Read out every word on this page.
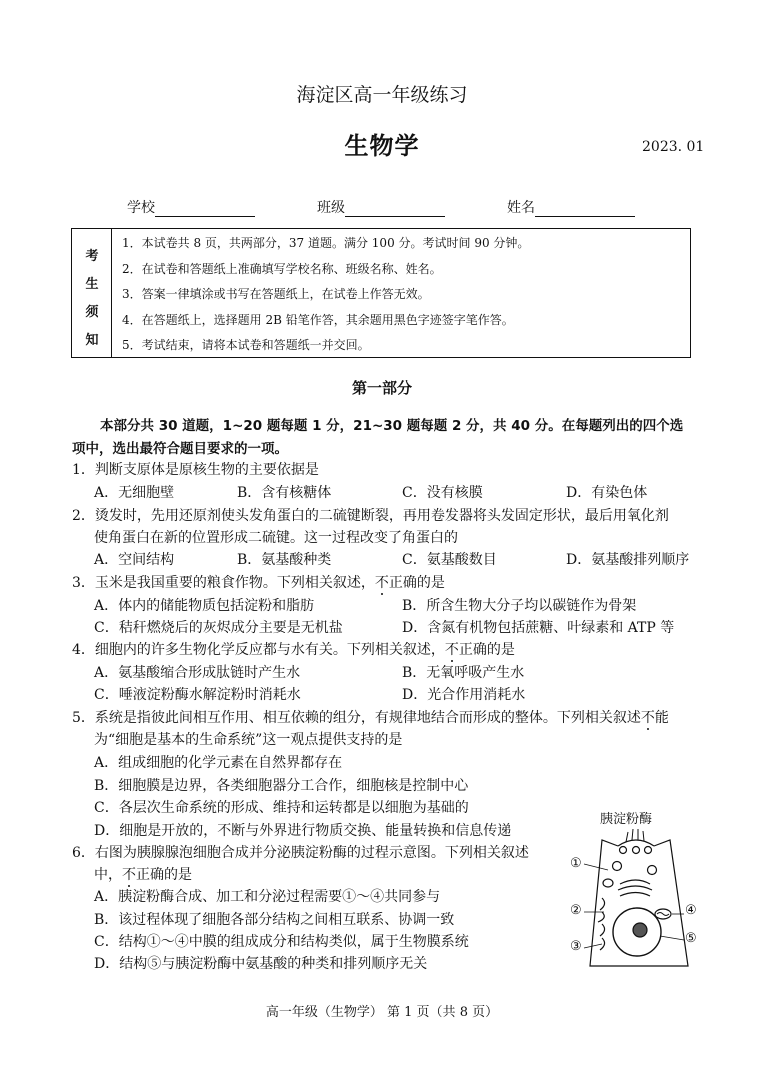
海淀区高一年级练习
生物学	2023. 01
学校	班级	姓名
考
生
须
知
1．本试卷共 8 页，共两部分，37 道题。满分 100 分。考试时间 90 分钟。
2．在试卷和答题纸上准确填写学校名称、班级名称、姓名。
3．答案一律填涂或书写在答题纸上，在试卷上作答无效。
4．在答题纸上，选择题用 2B 铅笔作答，其余题用黑色字迹签字笔作答。
5．考试结束，请将本试卷和答题纸一并交回。
第一部分
本部分共 30 道题，1~20 题每题 1 分，21~30 题每题 2 分，共 40 分。在每题列出的四个选
项中，选出最符合题目要求的一项。
1．判断支原体是原核生物的主要依据是
A．无细胞壁	B．含有核糖体	C．没有核膜	D．有染色体
2．烫发时，先用还原剂使头发角蛋白的二硫键断裂，再用卷发器将头发固定形状，最后用氧化剂
使角蛋白在新的位置形成二硫键。这一过程改变了角蛋白的
A．空间结构	B．氨基酸种类	C．氨基酸数目	D．氨基酸排列顺序
3．玉米是我国重要的粮食作物。下列相关叙述，不正确的是
A．体内的储能物质包括淀粉和脂肪	B．所含生物大分子均以碳链作为骨架
C．秸秆燃烧后的灰烬成分主要是无机盐	D．含氮有机物包括蔗糖、叶绿素和 ATP 等
4．细胞内的许多生物化学反应都与水有关。下列相关叙述，不正确的是
A．氨基酸缩合形成肽链时产生水	B．无氧呼吸产生水
C．唾液淀粉酶水解淀粉时消耗水	D．光合作用消耗水
5．系统是指彼此间相互作用、相互依赖的组分，有规律地结合而形成的整体。下列相关叙述不能
为“细胞是基本的生命系统”这一观点提供支持的是
A．组成细胞的化学元素在自然界都存在
B．细胞膜是边界，各类细胞器分工合作，细胞核是控制中心
C．各层次生命系统的形成、维持和运转都是以细胞为基础的
D．细胞是开放的，不断与外界进行物质交换、能量转换和信息传递
6．右图为胰腺腺泡细胞合成并分泌胰淀粉酶的过程示意图。下列相关叙述
中，不正确的是
A．胰淀粉酶合成、加工和分泌过程需要①～④共同参与
B．该过程体现了细胞各部分结构之间相互联系、协调一致
C．结构①～④中膜的组成成分和结构类似，属于生物膜系统
D．结构⑤与胰淀粉酶中氨基酸的种类和排列顺序无关
胰淀粉酶
①
②
③
④
⑤
高一年级（生物学） 第 1 页（共 8 页）
